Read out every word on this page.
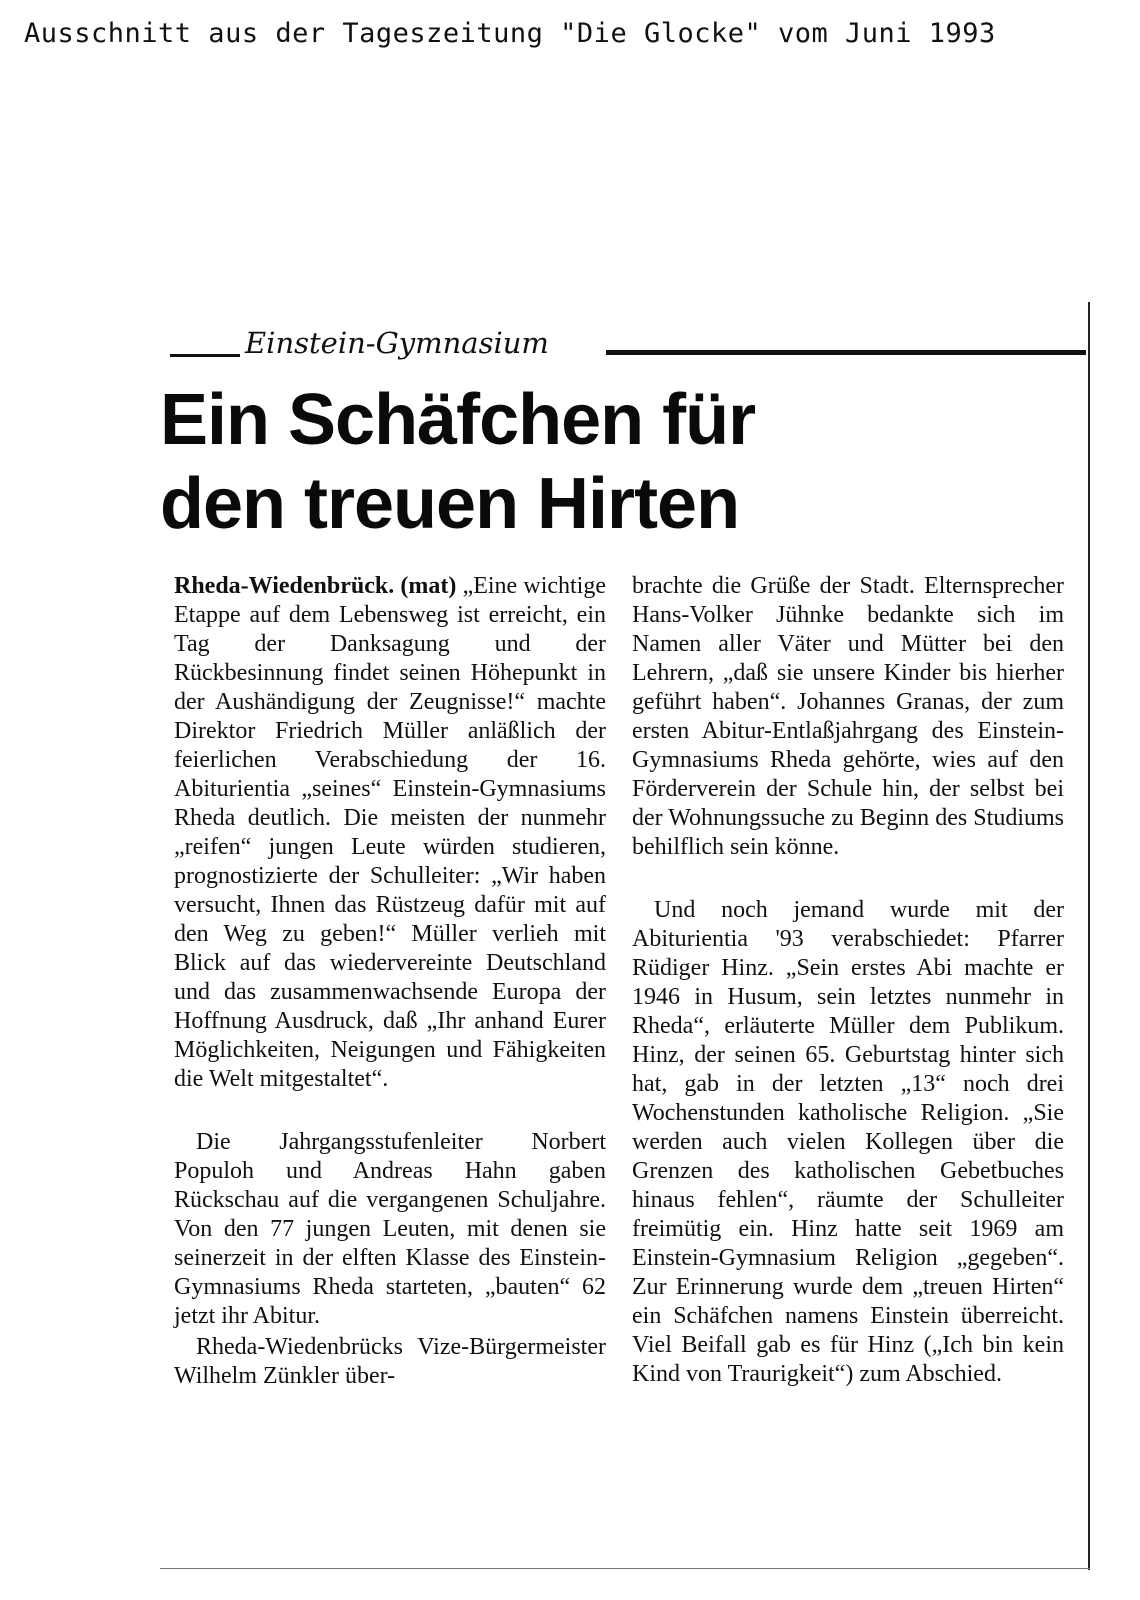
Ausschnitt aus der Tageszeitung "Die Glocke" vom Juni 1993
Einstein-Gymnasium
Ein Schäfchen für
den treuen Hirten

Rheda-Wiedenbrück. (mat) „Eine wichtige Etappe auf dem Lebensweg ist erreicht, ein Tag der Danksagung und der Rückbesinnung findet seinen Höhepunkt in der Aushändigung der Zeugnisse!“ machte Direktor Friedrich Müller anläßlich der feierlichen Verabschiedung der 16. Abiturientia „seines“ Einstein-Gymnasiums Rheda deutlich. Die meisten der nunmehr „reifen“ jungen Leute würden studieren, prognostizierte der Schulleiter: „Wir haben versucht, Ihnen das Rüstzeug dafür mit auf den Weg zu geben!“ Müller verlieh mit Blick auf das wiedervereinte Deutschland und das zusammenwachsende Europa der Hoffnung Ausdruck, daß „Ihr anhand Eurer Möglichkeiten, Neigungen und Fähigkeiten die Welt mitgestaltet“.

Die Jahrgangsstufenleiter Norbert Populoh und Andreas Hahn gaben Rückschau auf die vergangenen Schuljahre. Von den 77 jungen Leuten, mit denen sie seinerzeit in der elften Klasse des Einstein-Gymnasiums Rheda starteten, „bauten“ 62 jetzt ihr Abitur.

Rheda-Wiedenbrücks Vize-Bürgermeister Wilhelm Zünkler über-

brachte die Grüße der Stadt. Elternsprecher Hans-Volker Jühnke bedankte sich im Namen aller Väter und Mütter bei den Lehrern, „daß sie unsere Kinder bis hierher geführt haben“. Johannes Granas, der zum ersten Abitur-Entlaßjahrgang des Einstein-Gymnasiums Rheda gehörte, wies auf den Förderverein der Schule hin, der selbst bei der Wohnungssuche zu Beginn des Studiums behilflich sein könne.

Und noch jemand wurde mit der Abiturientia '93 verabschiedet: Pfarrer Rüdiger Hinz. „Sein erstes Abi machte er 1946 in Husum, sein letztes nunmehr in Rheda“, erläuterte Müller dem Publikum. Hinz, der seinen 65. Geburtstag hinter sich hat, gab in der letzten „13“ noch drei Wochenstunden katholische Religion. „Sie werden auch vielen Kollegen über die Grenzen des katholischen Gebetbuches hinaus fehlen“, räumte der Schulleiter freimütig ein. Hinz hatte seit 1969 am Einstein-Gymnasium Religion „gegeben“. Zur Erinnerung wurde dem „treuen Hirten“ ein Schäfchen namens Einstein überreicht. Viel Beifall gab es für Hinz („Ich bin kein Kind von Traurigkeit“) zum Abschied.
